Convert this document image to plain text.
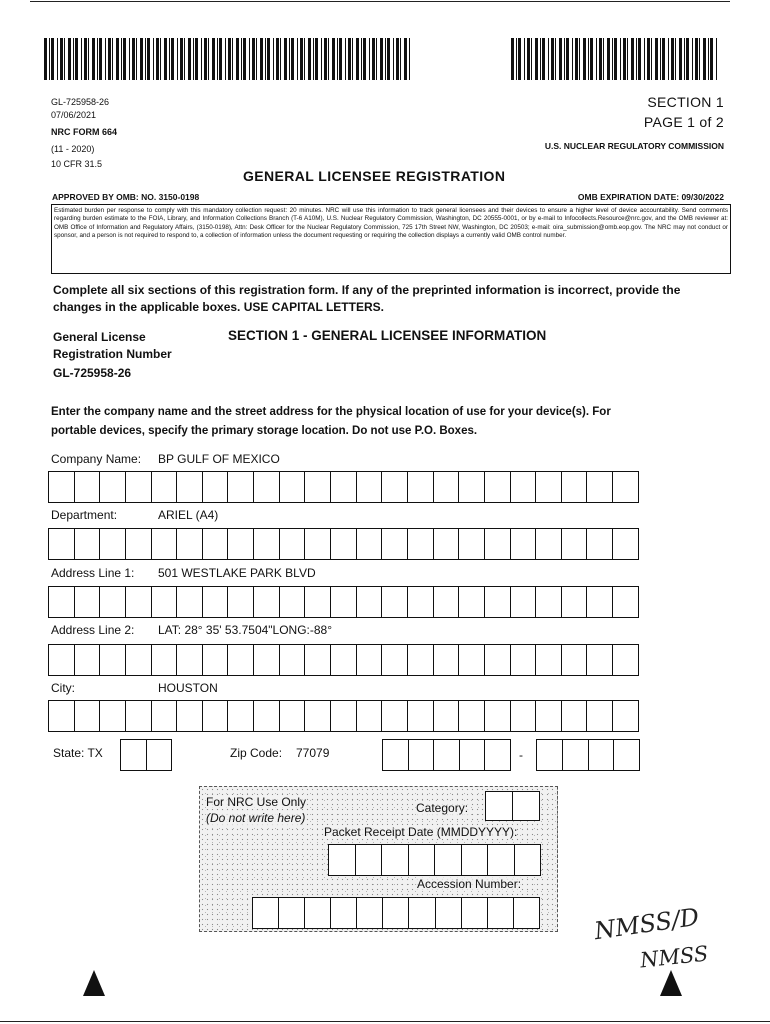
GL-725958-26
07/06/2021
NRC FORM 664
(11 - 2020)
10 CFR 31.5
SECTION 1
PAGE 1 of 2
U.S. NUCLEAR REGULATORY COMMISSION
GENERAL LICENSEE REGISTRATION
APPROVED BY OMB: NO. 3150-0198	OMB EXPIRATION DATE: 09/30/2022
Estimated burden per response to comply with this mandatory collection request: 20 minutes. NRC will use this information to track general licensees and their devices to ensure a higher level of device accountability. Send comments regarding burden estimate to the FOIA, Library, and Information Collections Branch (T-6 A10M), U.S. Nuclear Regulatory Commission, Washington, DC 20555-0001, or by e-mail to Infocollects.Resource@nrc.gov, and the OMB reviewer at: OMB Office of Information and Regulatory Affairs, (3150-0198), Attn: Desk Officer for the Nuclear Regulatory Commission, 725 17th Street NW, Washington, DC 20503; e-mail: oira_submission@omb.eop.gov. The NRC may not conduct or sponsor, and a person is not required to respond to, a collection of information unless the document requesting or requiring the collection displays a currently valid OMB control number.
Complete all six sections of this registration form. If any of the preprinted information is incorrect, provide the
changes in the applicable boxes. USE CAPITAL LETTERS.
General License
Registration Number
GL-725958-26
SECTION 1 - GENERAL LICENSEE INFORMATION
Enter the company name and the street address for the physical location of use for your device(s). For
portable devices, specify the primary storage location. Do not use P.O. Boxes.
Company Name: BP GULF OF MEXICO
Department:	ARIEL (A4)
Address Line 1: 501 WESTLAKE PARK BLVD
Address Line 2: LAT: 28° 35' 53.7504"LONG:-88°
City:	HOUSTON
State: TX	Zip Code: 77079	-
For NRC Use Only
(Do not write here)
Category:
Packet Receipt Date (MMDDYYYY):
Accession Number:
NMSS/D
NMSS
